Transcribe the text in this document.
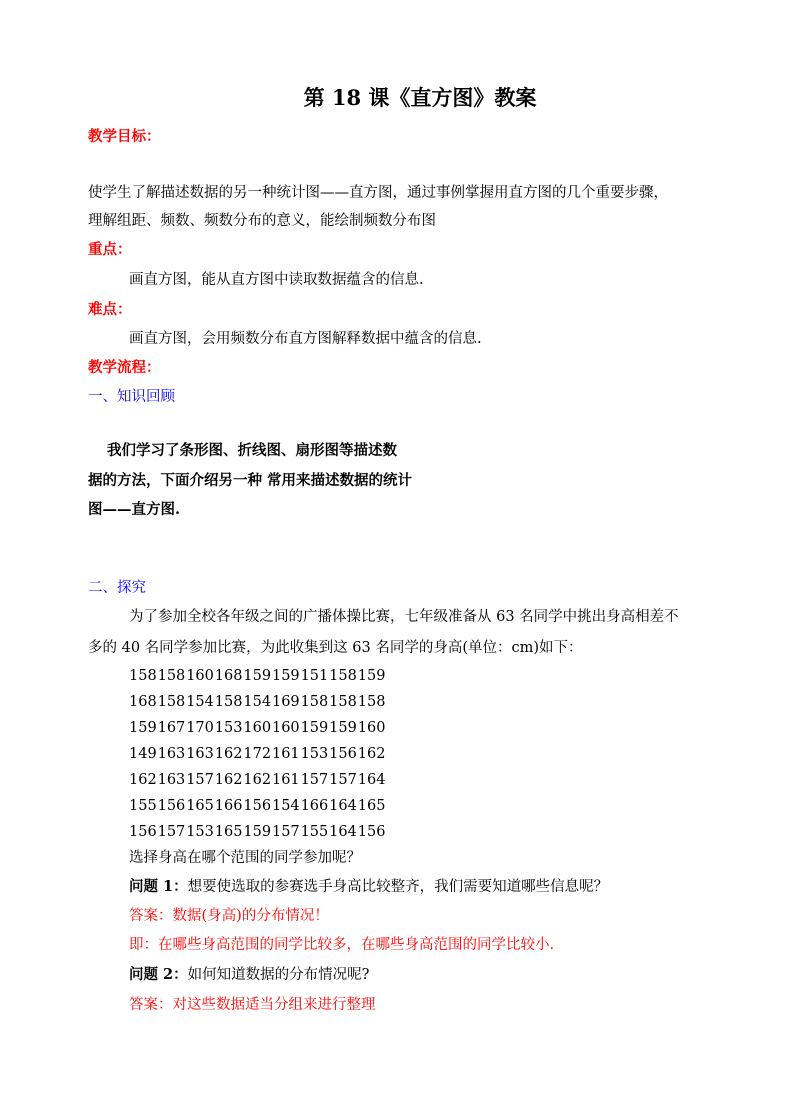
第 18 课《直方图》教案
教学目标：
使学生了解描述数据的另一种统计图——直方图，通过事例掌握用直方图的几个重要步骤，
理解组距、频数、频数分布的意义，能绘制频数分布图
重点：
画直方图，能从直方图中读取数据蕴含的信息.
难点：
画直方图，会用频数分布直方图解释数据中蕴含的信息.
教学流程：
一、知识回顾
我们学习了条形图、折线图、扇形图等描述数
据的方法，下面介绍另一种 常用来描述数据的统计
图——直方图.
二、探究
为了参加全校各年级之间的广播体操比赛，七年级准备从 63 名同学中挑出身高相差不
多的 40 名同学参加比赛，为此收集到这 63 名同学的身高(单位：cm)如下：
158158160168159159151158159
168158154158154169158158158
159167170153160160159159160
149163163162172161153156162
162163157162162161157157164
155156165166156154166164165
156157153165159157155164156
选择身高在哪个范围的同学参加呢？
问题 1：想要使选取的参赛选手身高比较整齐，我们需要知道哪些信息呢？
答案：数据(身高)的分布情况！
即：在哪些身高范围的同学比较多，在哪些身高范围的同学比较小.
问题 2：如何知道数据的分布情况呢?
答案：对这些数据适当分组来进行整理
